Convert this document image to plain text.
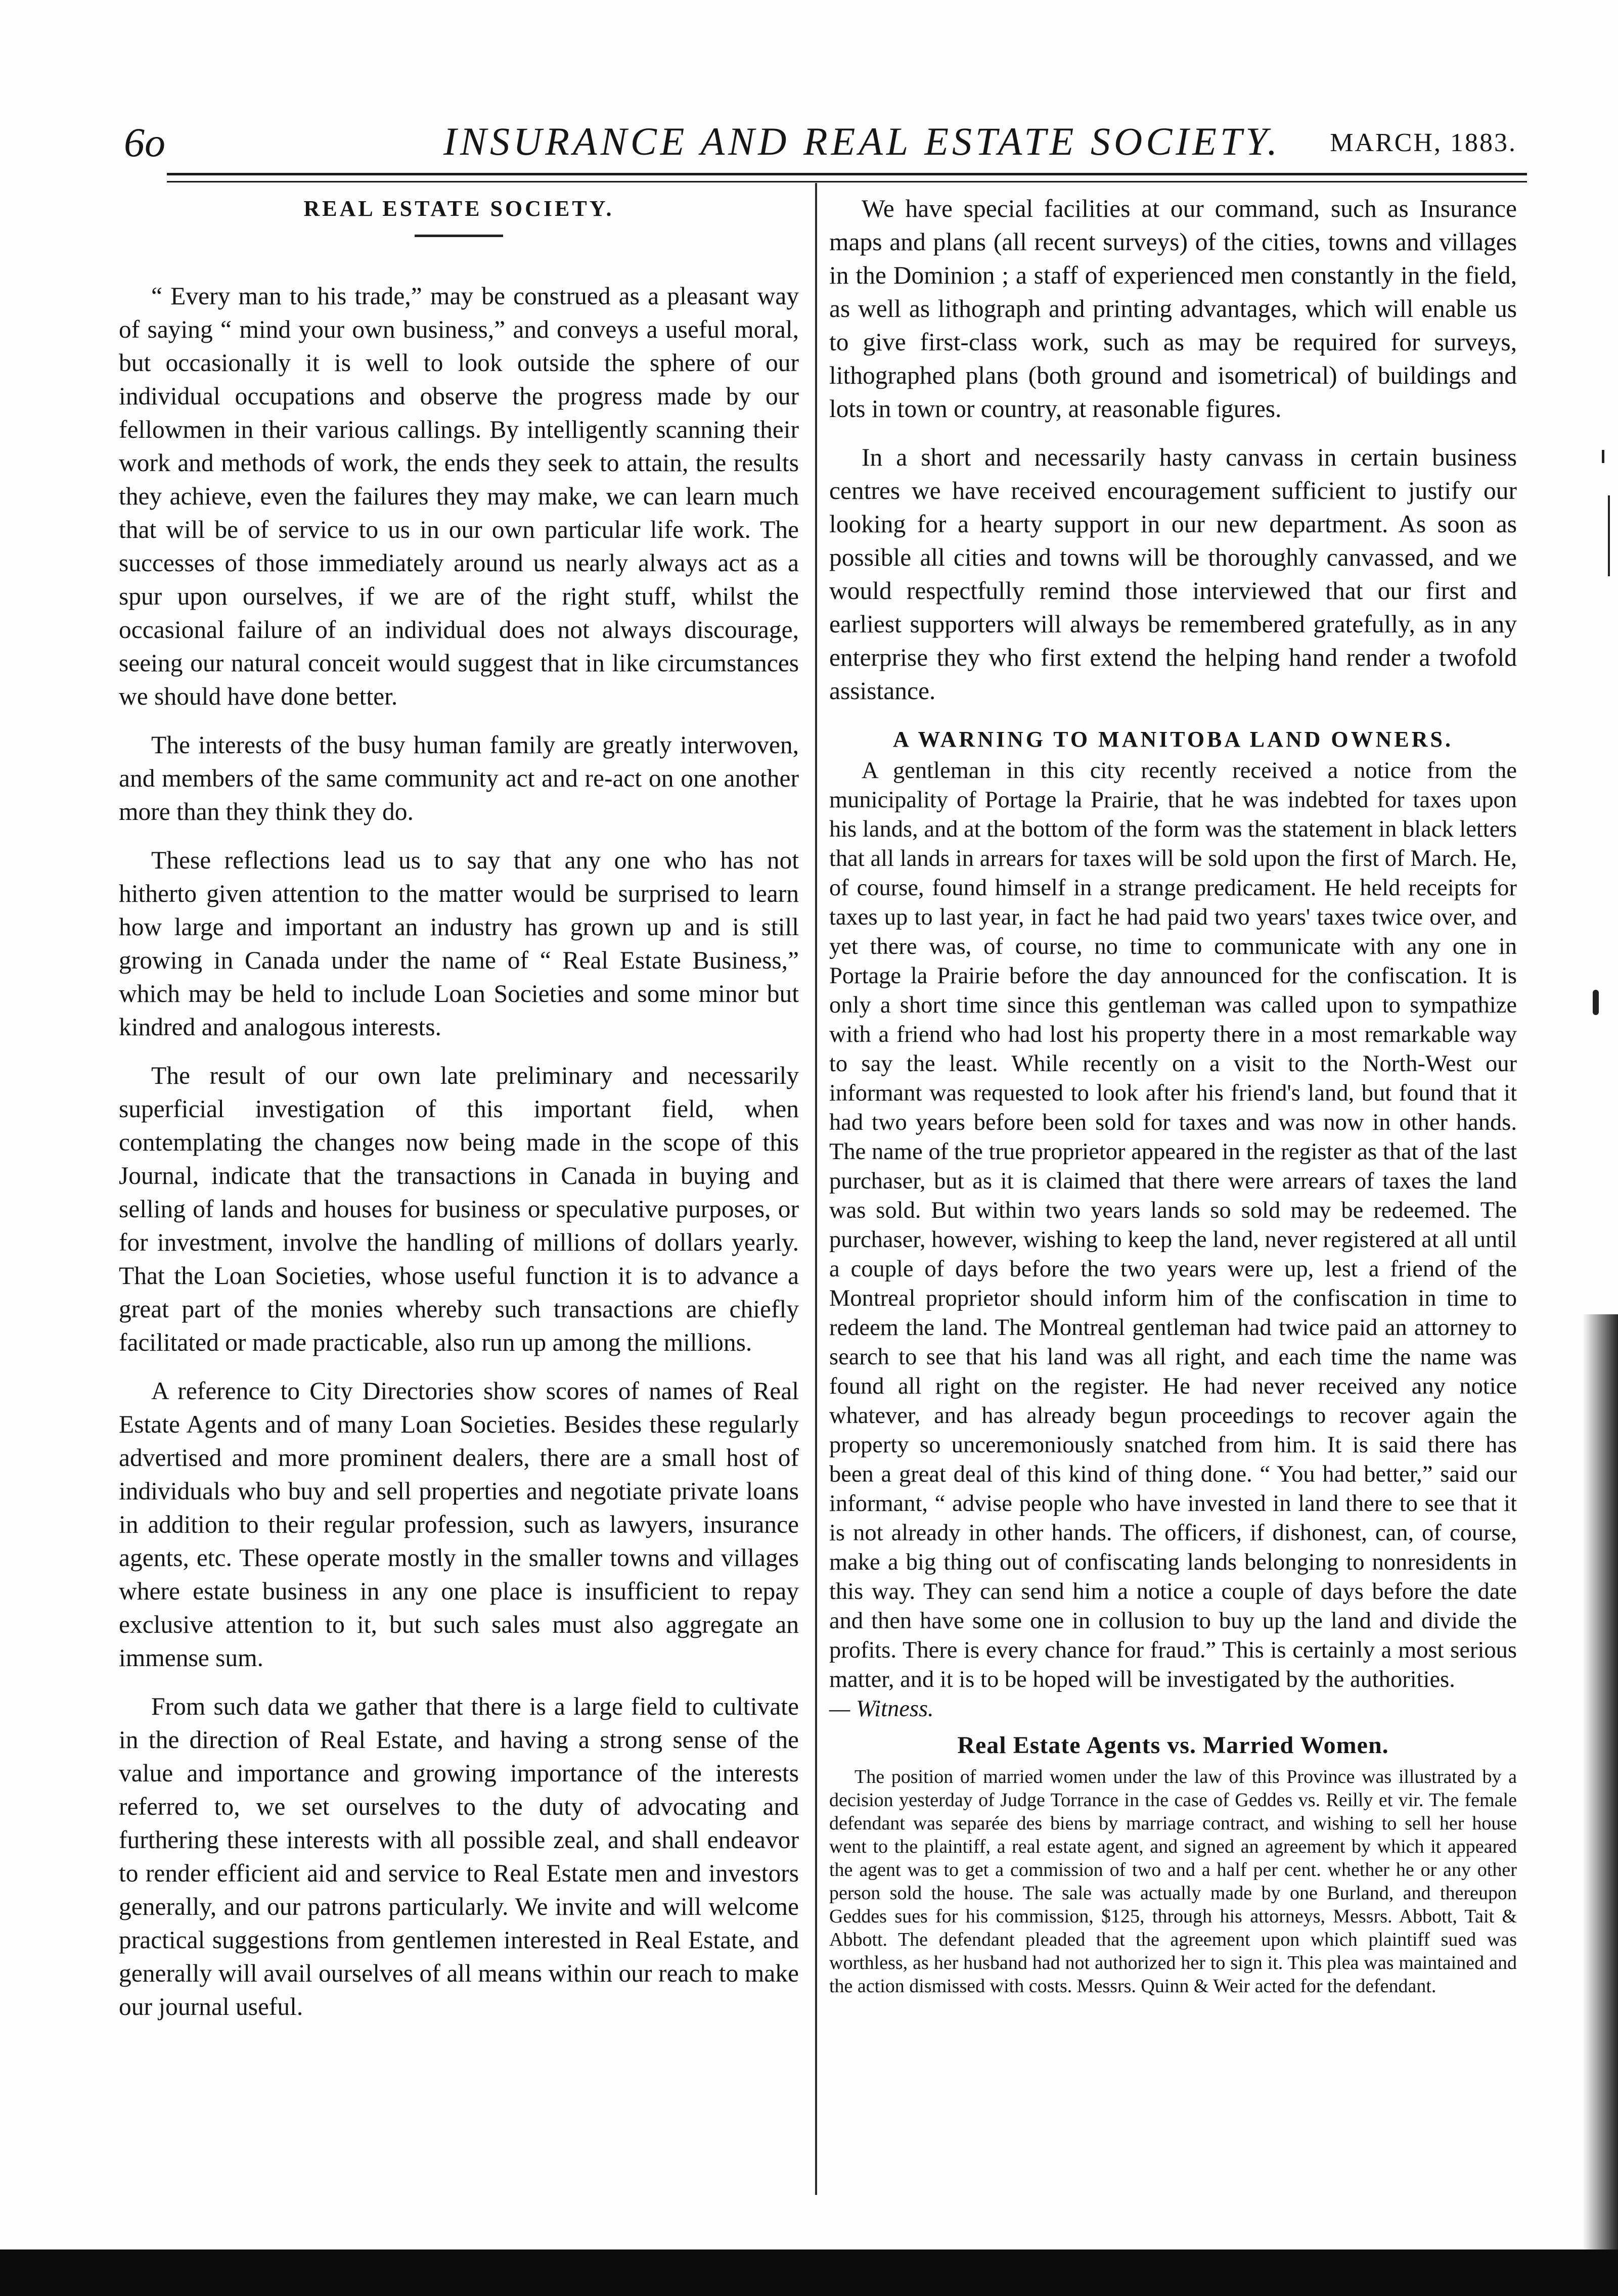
6o	INSURANCE AND REAL ESTATE SOCIETY.	MARCH, 1883.
REAL ESTATE SOCIETY.

“ Every man to his trade,” may be construed as a pleasant way of saying “ mind your own business,” and conveys a useful moral, but occasionally it is well to look outside the sphere of our individual occupations and observe the progress made by our fellowmen in their various callings. By intelligently scanning their work and methods of work, the ends they seek to attain, the results they achieve, even the failures they may make, we can learn much that will be of service to us in our own particular life work. The successes of those immediately around us nearly always act as a spur upon ourselves, if we are of the right stuff, whilst the occasional failure of an individual does not always discourage, seeing our natural conceit would suggest that in like circumstances we should have done better.

The interests of the busy human family are greatly interwoven, and members of the same community act and re-act on one another more than they think they do.

These reflections lead us to say that any one who has not hitherto given attention to the matter would be surprised to learn how large and important an industry has grown up and is still growing in Canada under the name of “ Real Estate Business,” which may be held to include Loan Societies and some minor but kindred and analogous interests.

The result of our own late preliminary and necessarily superficial investigation of this important field, when contemplating the changes now being made in the scope of this Journal, indicate that the transactions in Canada in buying and selling of lands and houses for business or speculative purposes, or for investment, involve the handling of millions of dollars yearly. That the Loan Societies, whose useful function it is to advance a great part of the monies whereby such transactions are chiefly facilitated or made practicable, also run up among the millions.

A reference to City Directories show scores of names of Real Estate Agents and of many Loan Societies. Besides these regularly advertised and more prominent dealers, there are a small host of individuals who buy and sell properties and negotiate private loans in addition to their regular profession, such as lawyers, insurance agents, etc. These operate mostly in the smaller towns and villages where estate business in any one place is insufficient to repay exclusive attention to it, but such sales must also aggregate an immense sum.

From such data we gather that there is a large field to cultivate in the direction of Real Estate, and having a strong sense of the value and importance and growing importance of the interests referred to, we set ourselves to the duty of advocating and furthering these interests with all possible zeal, and shall endeavor to render efficient aid and service to Real Estate men and investors generally, and our patrons particularly. We invite and will welcome practical suggestions from gentlemen interested in Real Estate, and generally will avail ourselves of all means within our reach to make our journal useful.

We have special facilities at our command, such as Insurance maps and plans (all recent surveys) of the cities, towns and villages in the Dominion ; a staff of experienced men constantly in the field, as well as lithograph and printing advantages, which will enable us to give first-class work, such as may be required for surveys, lithographed plans (both ground and isometrical) of buildings and lots in town or country, at reasonable figures.

In a short and necessarily hasty canvass in certain business centres we have received encouragement sufficient to justify our looking for a hearty support in our new department. As soon as possible all cities and towns will be thoroughly canvassed, and we would respectfully remind those interviewed that our first and earliest supporters will always be remembered gratefully, as in any enterprise they who first extend the helping hand render a twofold assistance.

A WARNING TO MANITOBA LAND OWNERS.

A gentleman in this city recently received a notice from the municipality of Portage la Prairie, that he was indebted for taxes upon his lands, and at the bottom of the form was the statement in black letters that all lands in arrears for taxes will be sold upon the first of March. He, of course, found himself in a strange predicament. He held receipts for taxes up to last year, in fact he had paid two years' taxes twice over, and yet there was, of course, no time to communicate with any one in Portage la Prairie before the day announced for the confiscation. It is only a short time since this gentleman was called upon to sympathize with a friend who had lost his property there in a most remarkable way to say the least. While recently on a visit to the North-West our informant was requested to look after his friend's land, but found that it had two years before been sold for taxes and was now in other hands. The name of the true proprietor appeared in the register as that of the last purchaser, but as it is claimed that there were arrears of taxes the land was sold. But within two years lands so sold may be redeemed. The purchaser, however, wishing to keep the land, never registered at all until a couple of days before the two years were up, lest a friend of the Montreal proprietor should inform him of the confiscation in time to redeem the land. The Montreal gentleman had twice paid an attorney to search to see that his land was all right, and each time the name was found all right on the register. He had never received any notice whatever, and has already begun proceedings to recover again the property so unceremoniously snatched from him. It is said there has been a great deal of this kind of thing done. “ You had better,” said our informant, “ advise people who have invested in land there to see that it is not already in other hands. The officers, if dishonest, can, of course, make a big thing out of confiscating lands belonging to nonresidents in this way. They can send him a notice a couple of days before the date and then have some one in collusion to buy up the land and divide the profits. There is every chance for fraud.” This is certainly a most serious matter, and it is to be hoped will be investigated by the authorities.

— Witness.

Real Estate Agents vs. Married Women.

The position of married women under the law of this Province was illustrated by a decision yesterday of Judge Torrance in the case of Geddes vs. Reilly et vir. The female defendant was separée des biens by marriage contract, and wishing to sell her house went to the plaintiff, a real estate agent, and signed an agreement by which it appeared the agent was to get a commission of two and a half per cent. whether he or any other person sold the house. The sale was actually made by one Burland, and thereupon Geddes sues for his commission, $125, through his attorneys, Messrs. Abbott, Tait & Abbott. The defendant pleaded that the agreement upon which plaintiff sued was worthless, as her husband had not authorized her to sign it. This plea was maintained and the action dismissed with costs. Messrs. Quinn & Weir acted for the defendant.
